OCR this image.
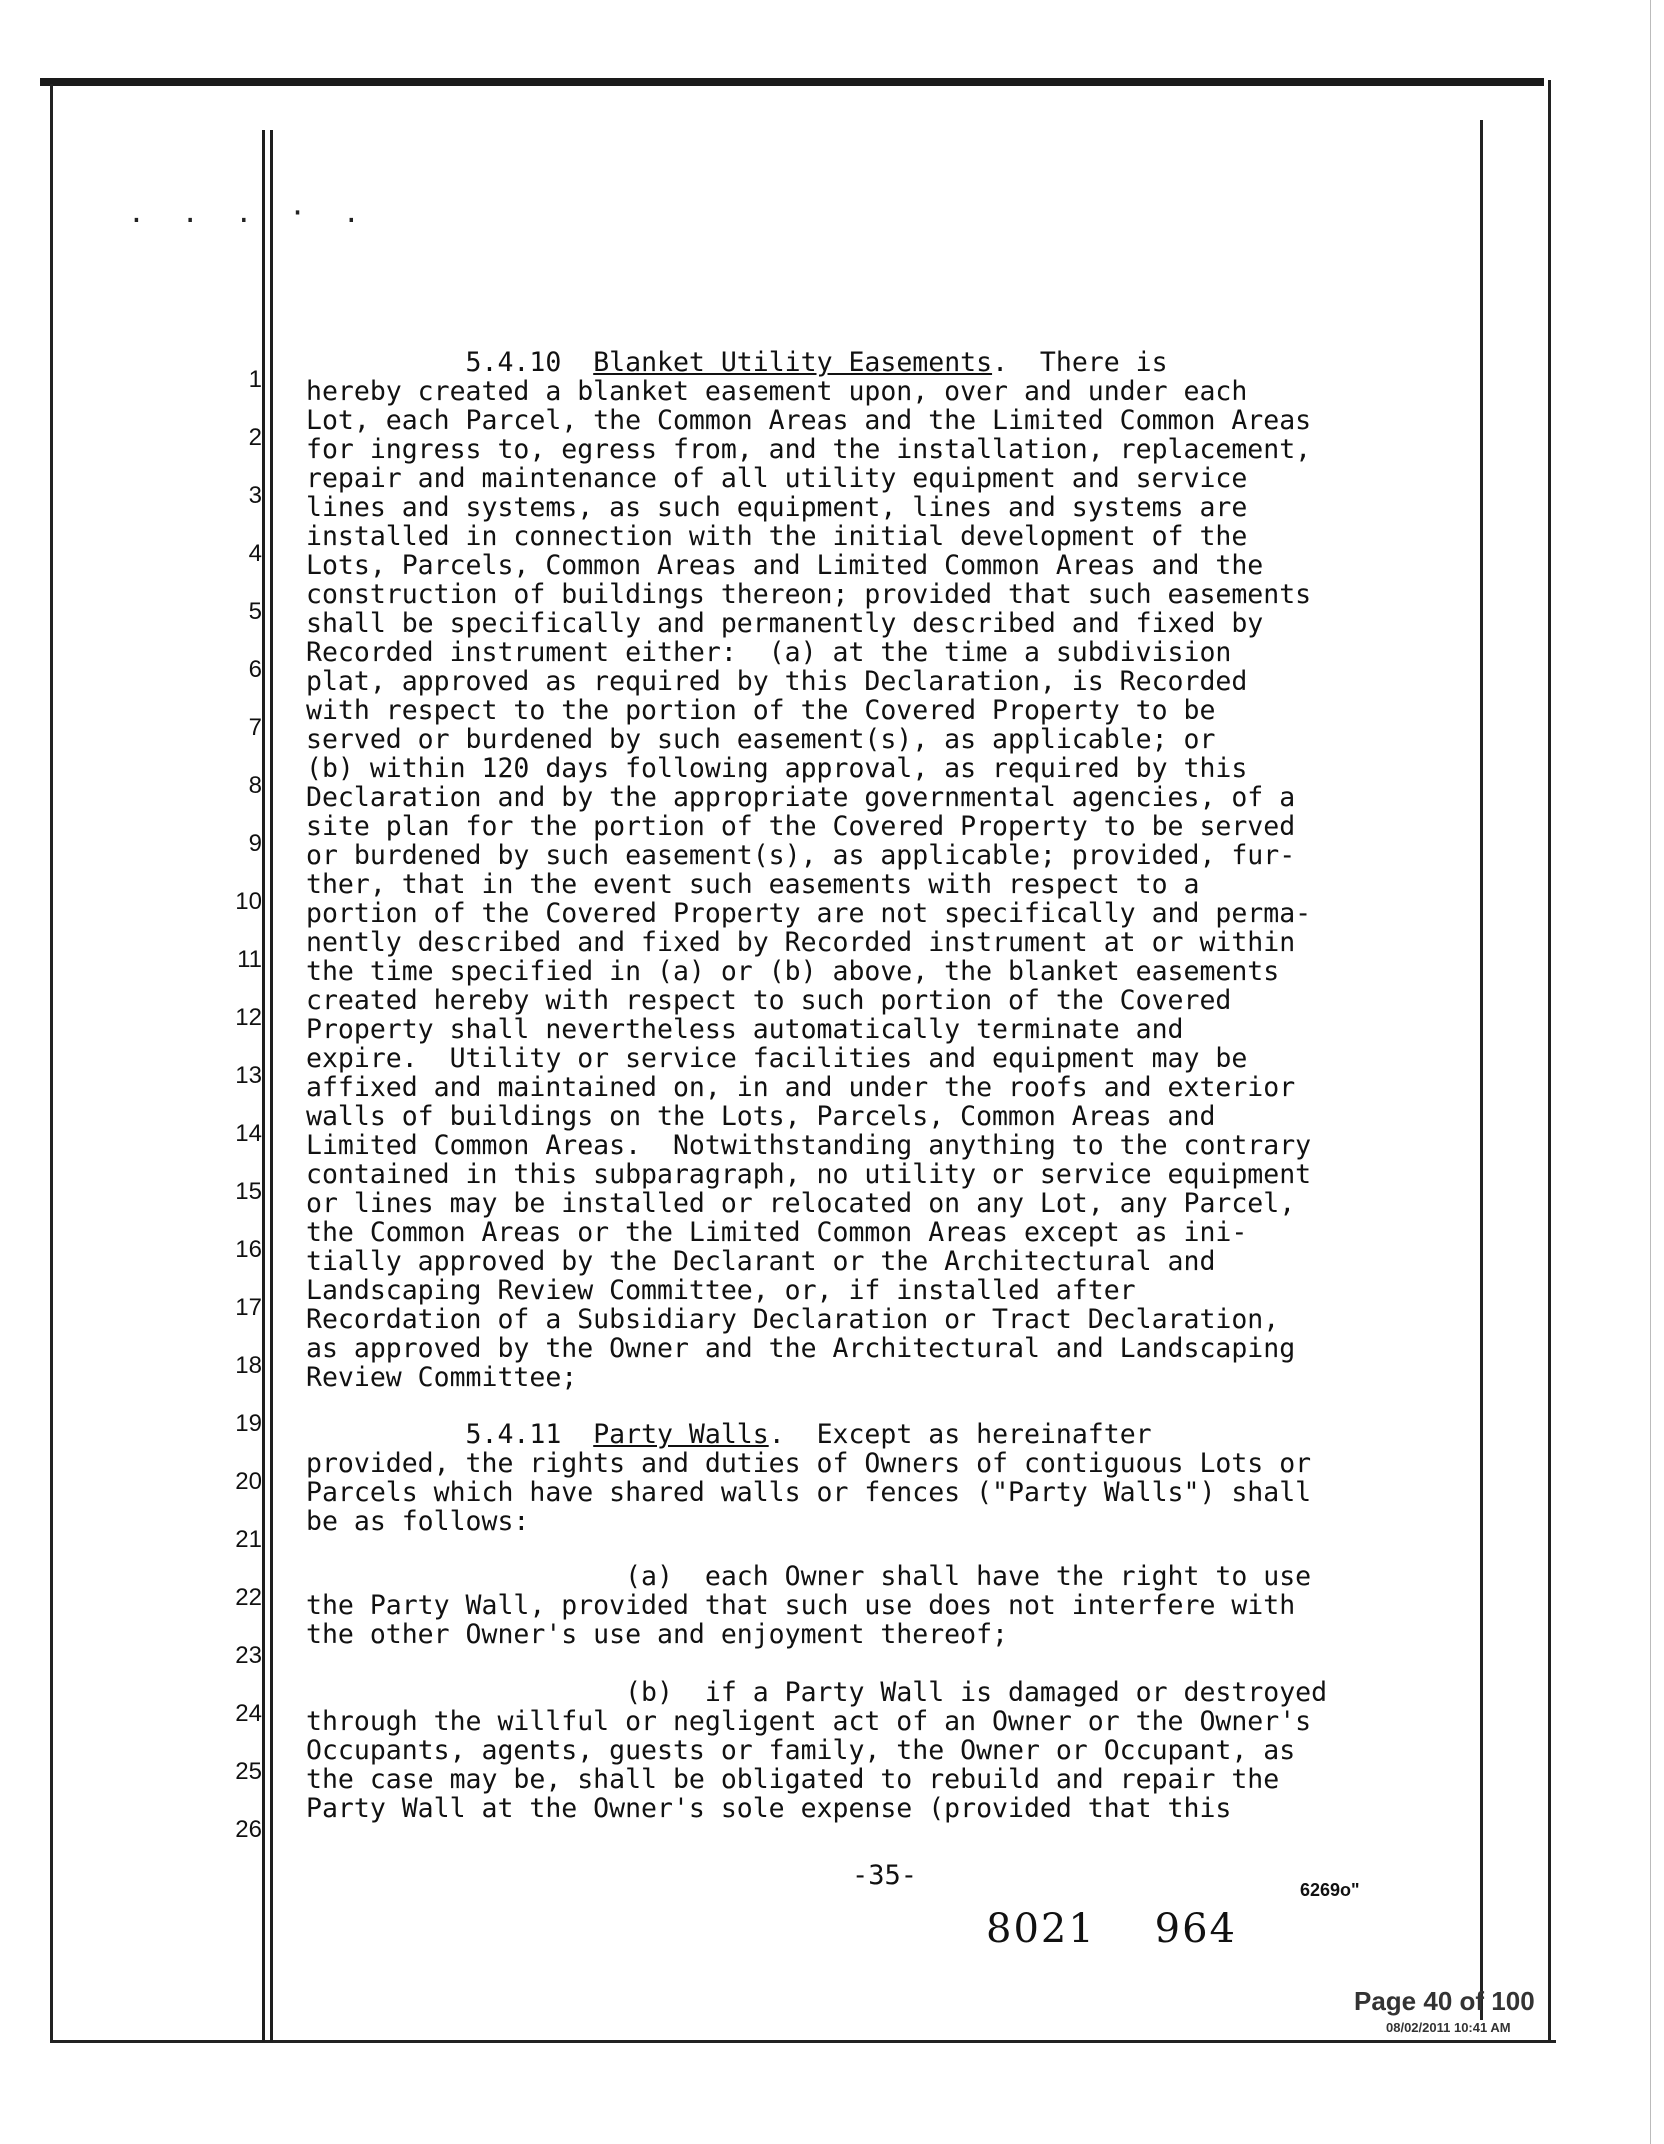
. . . · .
1
2
3
4
5
6
7
8
9
10
11
12
13
14
15
16
17
18
19
20
21
22
23
24
25
26
5.4.10 Blanket Utility Easements.  There is
hereby created a blanket easement upon, over and under each
Lot, each Parcel, the Common Areas and the Limited Common Areas
for ingress to, egress from, and the installation, replacement,
repair and maintenance of all utility equipment and service
lines and systems, as such equipment, lines and systems are
installed in connection with the initial development of the
Lots, Parcels, Common Areas and Limited Common Areas and the
construction of buildings thereon; provided that such easements
shall be specifically and permanently described and fixed by
Recorded instrument either:  (a) at the time a subdivision
plat, approved as required by this Declaration, is Recorded
with respect to the portion of the Covered Property to be
served or burdened by such easement(s), as applicable; or
(b) within 120 days following approval, as required by this
Declaration and by the appropriate governmental agencies, of a
site plan for the portion of the Covered Property to be served
or burdened by such easement(s), as applicable; provided, fur-
ther, that in the event such easements with respect to a
portion of the Covered Property are not specifically and perma-
nently described and fixed by Recorded instrument at or within
the time specified in (a) or (b) above, the blanket easements
created hereby with respect to such portion of the Covered
Property shall nevertheless automatically terminate and
expire.  Utility or service facilities and equipment may be
affixed and maintained on, in and under the roofs and exterior
walls of buildings on the Lots, Parcels, Common Areas and
Limited Common Areas.  Notwithstanding anything to the contrary
contained in this subparagraph, no utility or service equipment
or lines may be installed or relocated on any Lot, any Parcel,
the Common Areas or the Limited Common Areas except as ini-
tially approved by the Declarant or the Architectural and
Landscaping Review Committee, or, if installed after
Recordation of a Subsidiary Declaration or Tract Declaration,
as approved by the Owner and the Architectural and Landscaping
Review Committee;
5.4.11 Party Walls.  Except as hereinafter
provided, the rights and duties of Owners of contiguous Lots or
Parcels which have shared walls or fences ("Party Walls") shall
be as follows:
(a)  each Owner shall have the right to use
the Party Wall, provided that such use does not interfere with
the other Owner's use and enjoyment thereof;
(b)  if a Party Wall is damaged or destroyed
through the willful or negligent act of an Owner or the Owner's
Occupants, agents, guests or family, the Owner or Occupant, as
the case may be, shall be obligated to rebuild and repair the
Party Wall at the Owner's sole expense (provided that this
-35-	6269o"
8021    964
Page 40 of 100
08/02/2011 10:41 AM
